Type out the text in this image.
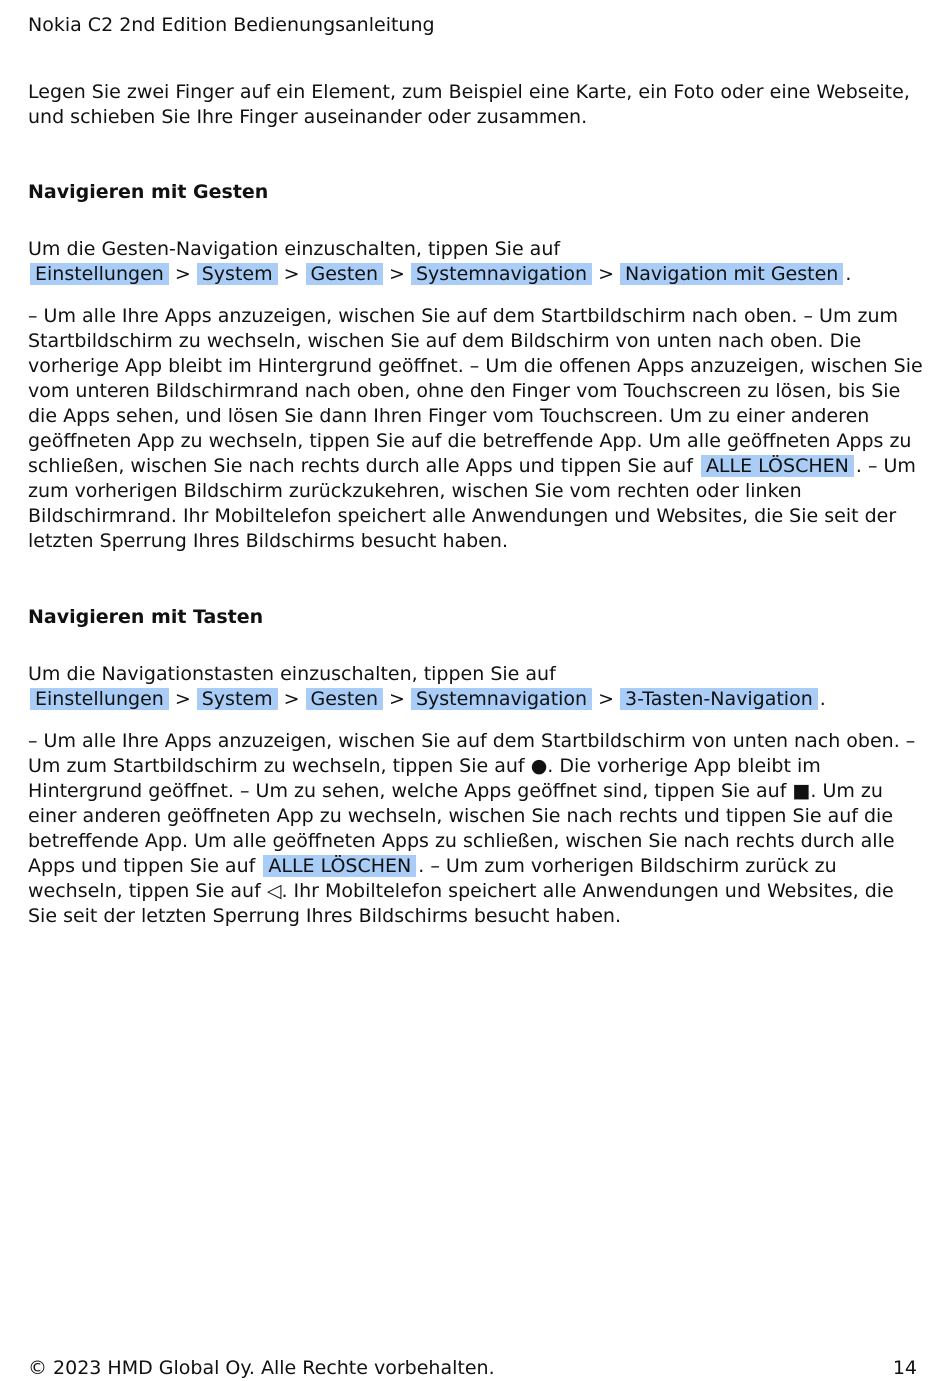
Nokia C2 2nd Edition Bedienungsanleitung

Legen Sie zwei Finger auf ein Element, zum Beispiel eine Karte, ein Foto oder eine Webseite, und schieben Sie Ihre Finger auseinander oder zusammen.

Navigieren mit Gesten

Um die Gesten-Navigation einzuschalten, tippen Sie auf Einstellungen > System > Gesten > Systemnavigation > Navigation mit Gesten .

– Um alle Ihre Apps anzuzeigen, wischen Sie auf dem Startbildschirm nach oben. – Um zum Startbildschirm zu wechseln, wischen Sie auf dem Bildschirm von unten nach oben. Die vorherige App bleibt im Hintergrund geöffnet. – Um die offenen Apps anzuzeigen, wischen Sie vom unteren Bildschirmrand nach oben, ohne den Finger vom Touchscreen zu lösen, bis Sie die Apps sehen, und lösen Sie dann Ihren Finger vom Touchscreen. Um zu einer anderen geöffneten App zu wechseln, tippen Sie auf die betreffende App. Um alle geöffneten Apps zu schließen, wischen Sie nach rechts durch alle Apps und tippen Sie auf ALLE LÖSCHEN . – Um zum vorherigen Bildschirm zurückzukehren, wischen Sie vom rechten oder linken Bildschirmrand. Ihr Mobiltelefon speichert alle Anwendungen und Websites, die Sie seit der letzten Sperrung Ihres Bildschirms besucht haben.

Navigieren mit Tasten

Um die Navigationstasten einzuschalten, tippen Sie auf Einstellungen > System > Gesten > Systemnavigation > 3-Tasten-Navigation .

– Um alle Ihre Apps anzuzeigen, wischen Sie auf dem Startbildschirm von unten nach oben. – Um zum Startbildschirm zu wechseln, tippen Sie auf ●. Die vorherige App bleibt im Hintergrund geöffnet. – Um zu sehen, welche Apps geöffnet sind, tippen Sie auf ■. Um zu einer anderen geöffneten App zu wechseln, wischen Sie nach rechts und tippen Sie auf die betreffende App. Um alle geöffneten Apps zu schließen, wischen Sie nach rechts durch alle Apps und tippen Sie auf ALLE LÖSCHEN . – Um zum vorherigen Bildschirm zurück zu wechseln, tippen Sie auf ◁. Ihr Mobiltelefon speichert alle Anwendungen und Websites, die Sie seit der letzten Sperrung Ihres Bildschirms besucht haben.

© 2023 HMD Global Oy. Alle Rechte vorbehalten.	14
